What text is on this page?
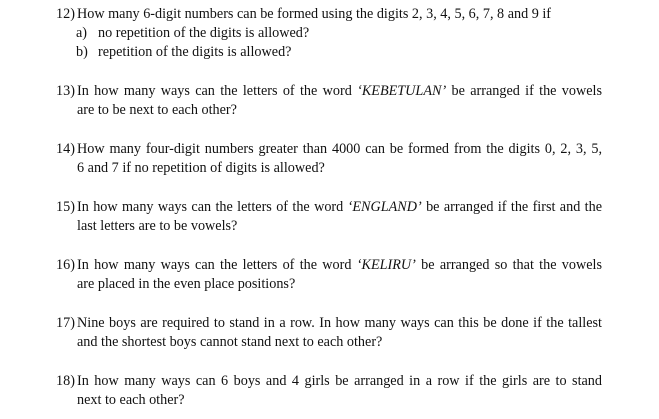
12) How many 6-digit numbers can be formed using the digits 2, 3, 4, 5, 6, 7, 8 and 9 if
a) no repetition of the digits is allowed?
b) repetition of the digits is allowed?
13) In how many ways can the letters of the word ‘KEBETULAN’ be arranged if the vowels
are to be next to each other?
14) How many four-digit numbers greater than 4000 can be formed from the digits 0, 2, 3, 5,
6 and 7 if no repetition of digits is allowed?
15) In how many ways can the letters of the word ‘ENGLAND’ be arranged if the first and the
last letters are to be vowels?
16) In how many ways can the letters of the word ‘KELIRU’ be arranged so that the vowels
are placed in the even place positions?
17) Nine boys are required to stand in a row. In how many ways can this be done if the tallest
and the shortest boys cannot stand next to each other?
18) In how many ways can 6 boys and 4 girls be arranged in a row if the girls are to stand
next to each other?
